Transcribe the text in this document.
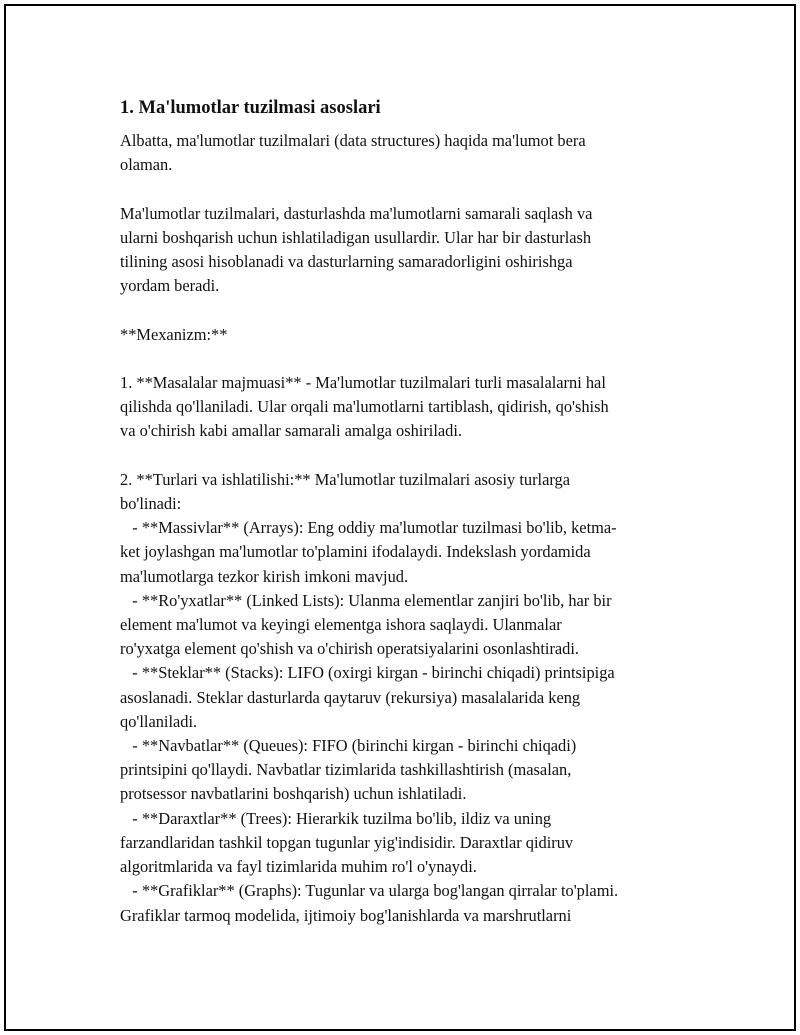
1. Ma'lumotlar tuzilmasi asoslari
Albatta, ma'lumotlar tuzilmalari (data structures) haqida ma'lumot bera
olaman.

Ma'lumotlar tuzilmalari, dasturlashda ma'lumotlarni samarali saqlash va
ularni boshqarish uchun ishlatiladigan usullardir. Ular har bir dasturlash
tilining asosi hisoblanadi va dasturlarning samaradorligini oshirishga
yordam beradi.

**Mexanizm:**

1. **Masalalar majmuasi** - Ma'lumotlar tuzilmalari turli masalalarni hal
qilishda qo'llaniladi. Ular orqali ma'lumotlarni tartiblash, qidirish, qo'shish
va o'chirish kabi amallar samarali amalga oshiriladi.

2. **Turlari va ishlatilishi:** Ma'lumotlar tuzilmalari asosiy turlarga
bo'linadi:
- **Massivlar** (Arrays): Eng oddiy ma'lumotlar tuzilmasi bo'lib, ketma-
ket joylashgan ma'lumotlar to'plamini ifodalaydi. Indekslash yordamida
ma'lumotlarga tezkor kirish imkoni mavjud.
- **Ro'yxatlar** (Linked Lists): Ulanma elementlar zanjiri bo'lib, har bir
element ma'lumot va keyingi elementga ishora saqlaydi. Ulanmalar
ro'yxatga element qo'shish va o'chirish operatsiyalarini osonlashtiradi.
- **Steklar** (Stacks): LIFO (oxirgi kirgan - birinchi chiqadi) printsipiga
asoslanadi. Steklar dasturlarda qaytaruv (rekursiya) masalalarida keng
qo'llaniladi.
- **Navbatlar** (Queues): FIFO (birinchi kirgan - birinchi chiqadi)
printsipini qo'llaydi. Navbatlar tizimlarida tashkillashtirish (masalan,
protsessor navbatlarini boshqarish) uchun ishlatiladi.
- **Daraxtlar** (Trees): Hierarkik tuzilma bo'lib, ildiz va uning
farzandlaridan tashkil topgan tugunlar yig'indisidir. Daraxtlar qidiruv
algoritmlarida va fayl tizimlarida muhim ro'l o'ynaydi.
- **Grafiklar** (Graphs): Tugunlar va ularga bog'langan qirralar to'plami.
Grafiklar tarmoq modelida, ijtimoiy bog'lanishlarda va marshrutlarni
